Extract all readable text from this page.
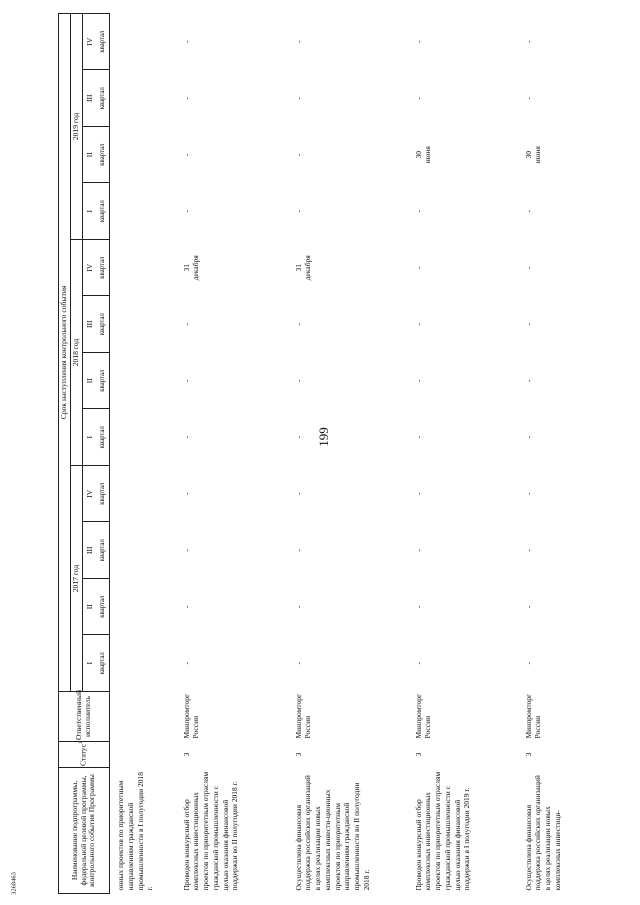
199
3268463
Наименование подпрограммы, федеральной целевой программы, контрольного события Программы	Статус$^1$	Ответственный исполнитель	Срок наступления контрольного события											
			2017 год				2018 год				2019 год			
			I	II	III	IV	I	II	III	IV	I	II	III	IV
			квартал	квартал	квартал	квартал	квартал	квартал	квартал	квартал	квартал	квартал	квартал	квартал
онных проектов по приоритетным направлениям гражданской промышленности в I полугодии 2018 г.														
Проведен конкурсный отбор комплексных инвестиционных проектов по приоритетным отраслям гражданской промышленности с целью оказания финансовой поддержки во II полугодии 2018 г.	3	Минпромторг России	-	-	-	-	-	-	-	31 декабря	-	-	-	-
Осуществлена финансовая поддержка российских организаций в целях реализации новых комплексных инвести-ционных проектов по приоритетным направлениям гражданской промышленности во II полугодии 2018 г.	3	Минпромторг России	-	-	-	-	-	-	-	31 декабря	-	-	-	-
Проведен конкурсный отбор комплексных инвестиционных проектов по приоритетным отраслям гражданской промышленности с целью оказания финансовой поддержки в I полугодии 2019 г.	3	Минпромторг России	-	-	-	-	-	-	-	-	-	30 июня	-	-
Осуществлена финансовая поддержка российских организаций в целях реализации новых комплексных инвестици-	3	Минпромторг России	-	-	-	-	-	-	-	-	-	30 июня	-	-
